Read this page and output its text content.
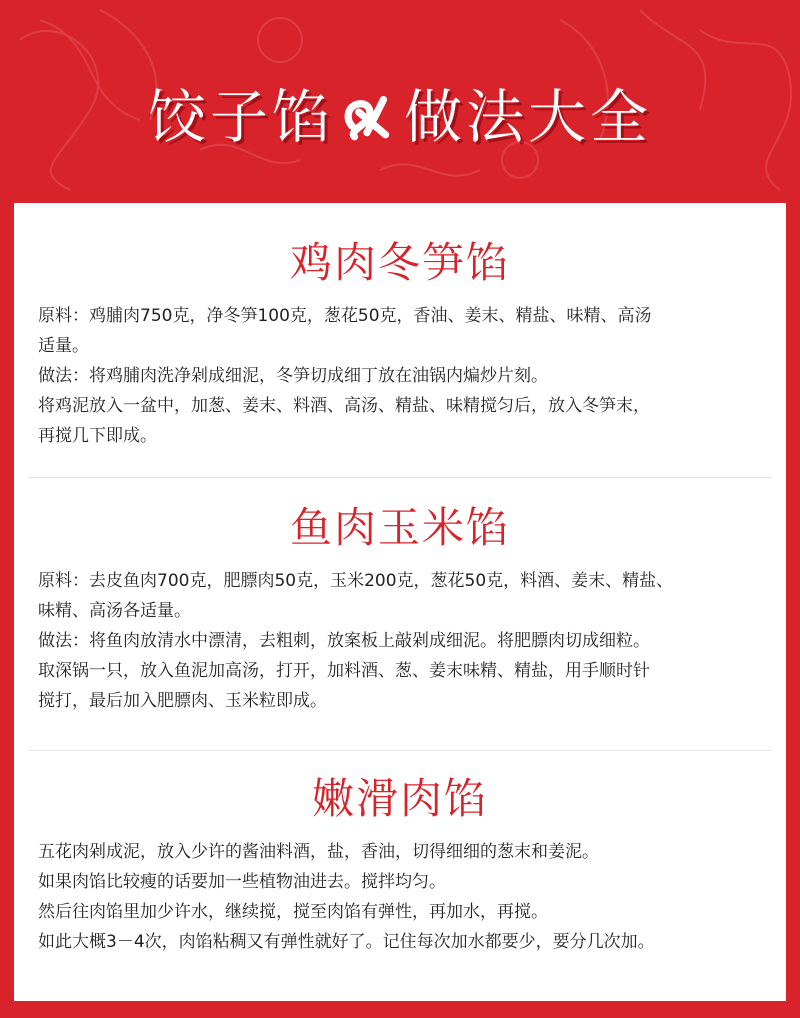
饺子馅 做法大全
鸡肉冬笋馅

原料：鸡脯肉750克，净冬笋100克，葱花50克，香油、姜末、精盐、味精、高汤

适量。

做法：将鸡脯肉洗净剁成细泥，冬笋切成细丁放在油锅内煸炒片刻。

将鸡泥放入一盆中，加葱、姜末、料酒、高汤、精盐、味精搅匀后，放入冬笋末，

再搅几下即成。

鱼肉玉米馅

原料：去皮鱼肉700克，肥膘肉50克，玉米200克，葱花50克，料酒、姜末、精盐、

味精、高汤各适量。

做法：将鱼肉放清水中漂清，去粗刺，放案板上敲剁成细泥。将肥膘肉切成细粒。

取深锅一只，放入鱼泥加高汤，打开，加料酒、葱、姜末味精、精盐，用手顺时针

搅打，最后加入肥膘肉、玉米粒即成。

嫩滑肉馅

五花肉剁成泥，放入少许的酱油料酒，盐，香油，切得细细的葱末和姜泥。

如果肉馅比较瘦的话要加一些植物油进去。搅拌均匀。

然后往肉馅里加少许水，继续搅，搅至肉馅有弹性，再加水，再搅。

如此大概3－4次，肉馅粘稠又有弹性就好了。记住每次加水都要少，要分几次加。
